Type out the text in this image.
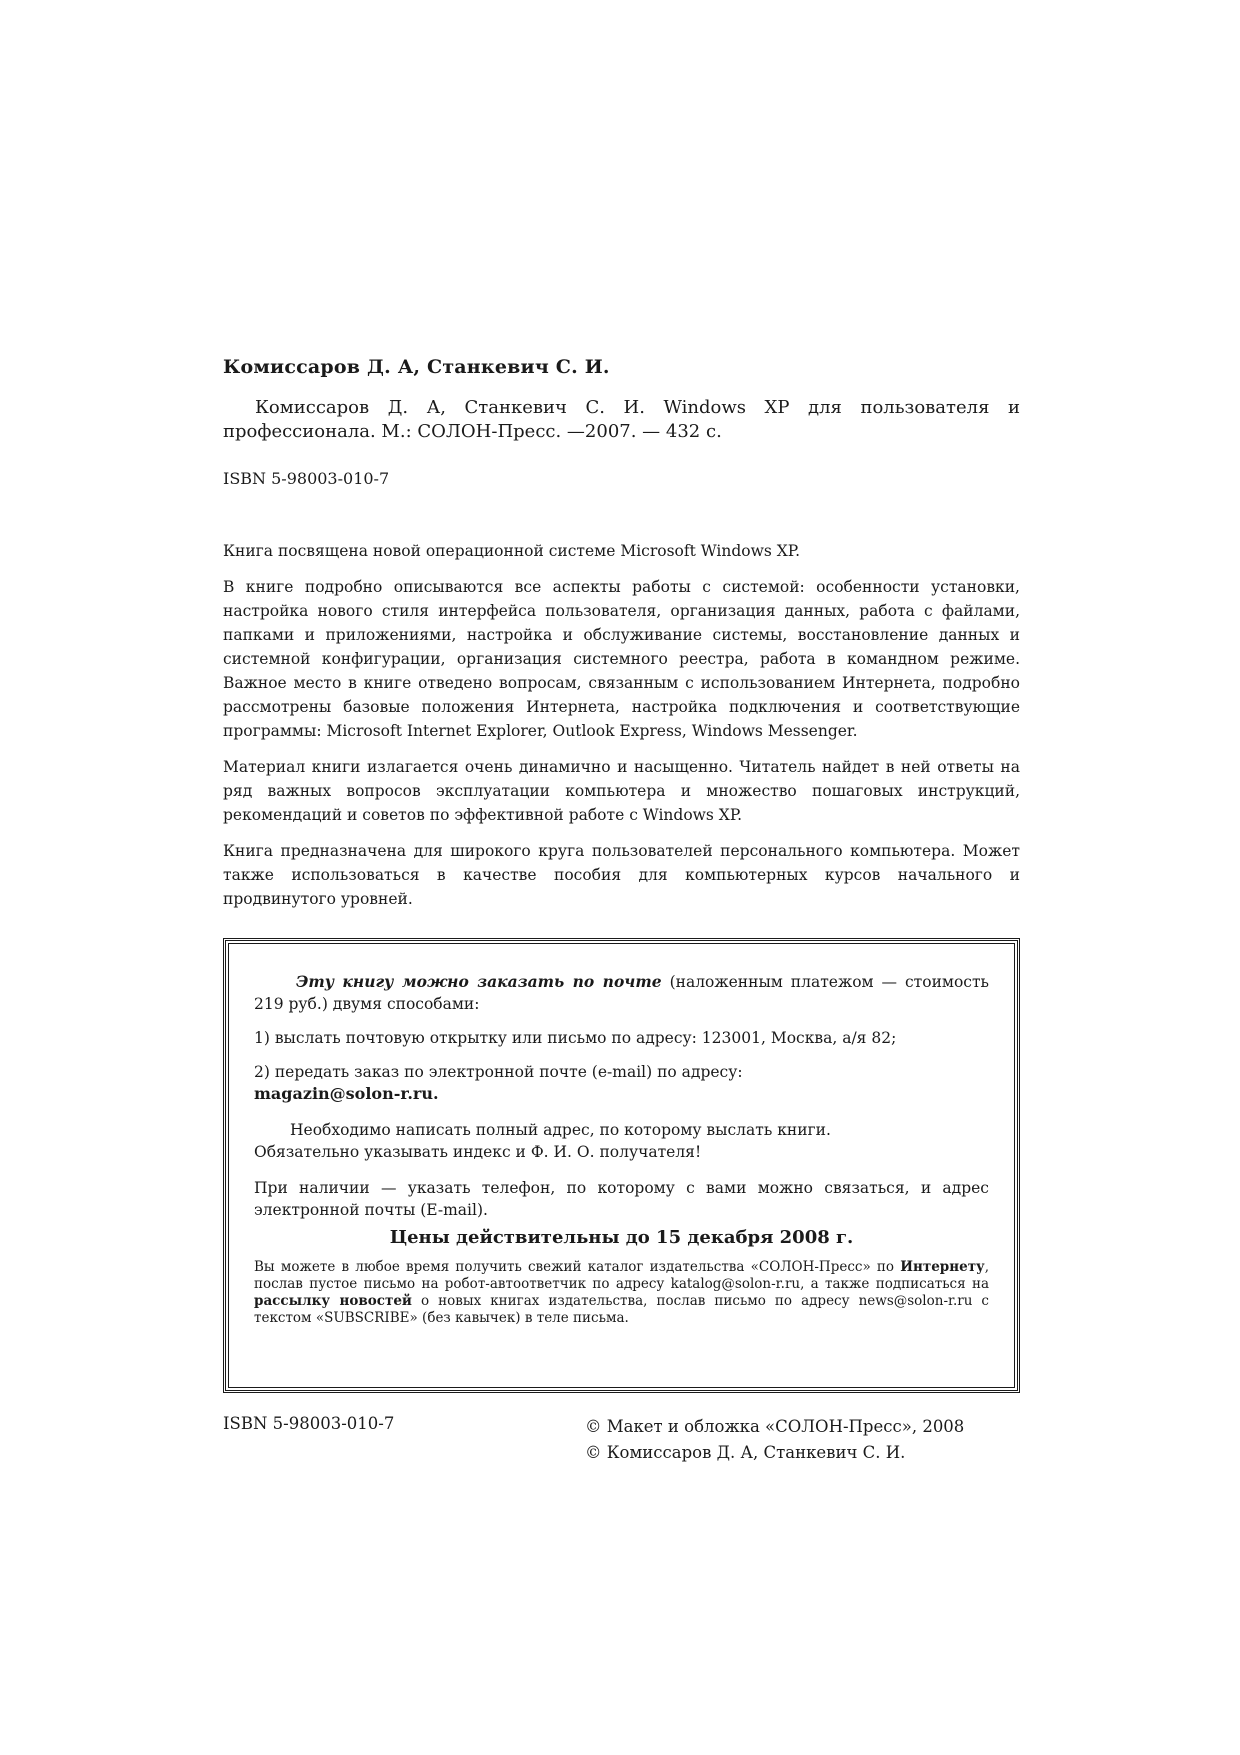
Комиссаров Д. А, Станкевич С. И.

Комиссаров Д. А, Станкевич С. И. Windows XP для пользователя и профессионала. М.: СОЛОН-Пресс. —2007. — 432 с.

ISBN 5-98003-010-7

Книга посвящена новой операционной системе Microsoft Windows XP.

В книге подробно описываются все аспекты работы с системой: особенности установки, настройка нового стиля интерфейса пользователя, организация данных, работа с файлами, папками и приложениями, настройка и обслуживание системы, восстановление данных и системной конфигурации, организация системного реестра, работа в командном режиме. Важное место в книге отведено вопросам, связанным с использованием Интернета, подробно рассмотрены базовые положения Интернета, настройка подключения и соответствующие программы: Microsoft Internet Explorer, Outlook Express, Windows Messenger.

Материал книги излагается очень динамично и насыщенно. Читатель найдет в ней ответы на ряд важных вопросов эксплуатации компьютера и множество пошаговых инструкций, рекомендаций и советов по эффективной работе с Windows XP.

Книга предназначена для широкого круга пользователей персонального компьютера. Может также использоваться в качестве пособия для компьютерных курсов начального и продвинутого уровней.

Эту книгу можно заказать по почте (наложенным платежом — стоимость 219 руб.) двумя способами:

1) выслать почтовую открытку или письмо по адресу: 123001, Москва, а/я 82;

2) передать заказ по электронной почте (e-mail) по адресу:
magazin@solon-r.ru.

Необходимо написать полный адрес, по которому выслать книги.
Обязательно указывать индекс и Ф. И. О. получателя!

При наличии — указать телефон, по которому с вами можно связаться, и адрес электронной почты (E-mail).

Цены действительны до 15 декабря 2008 г.

Вы можете в любое время получить свежий каталог издательства «СОЛОН-Пресс» по Интернету, послав пустое письмо на робот-автоответчик по адресу katalog@solon-r.ru, а также подписаться на рассылку новостей о новых книгах издательства, послав письмо по адресу news@solon-r.ru с текстом «SUBSCRIBE» (без кавычек) в теле письма.

ISBN 5-98003-010-7	© Макет и обложка «СОЛОН-Пресс», 2008
© Комиссаров Д. А, Станкевич С. И.
